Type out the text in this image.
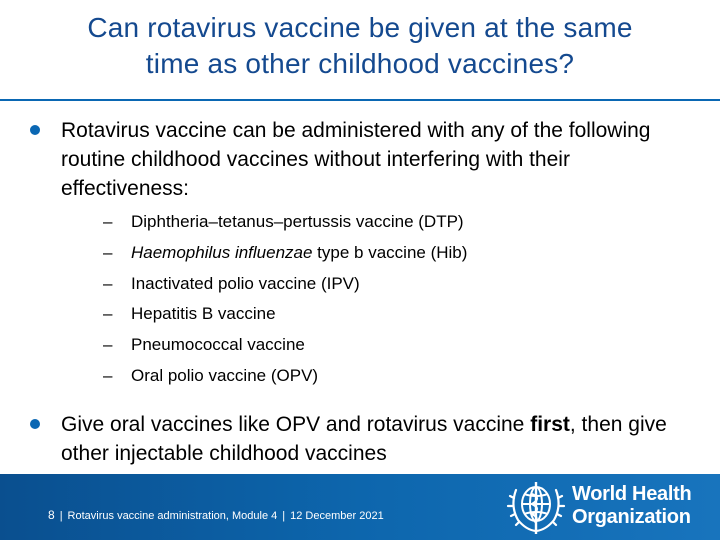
Can rotavirus vaccine be given at the same
time as other childhood vaccines?
Rotavirus vaccine can be administered with any of the following routine childhood vaccines without interfering with their effectiveness:
– Diphtheria–tetanus–pertussis vaccine (DTP)
– Haemophilus influenzae type b vaccine (Hib)
– Inactivated polio vaccine (IPV)
– Hepatitis B vaccine
– Pneumococcal vaccine
– Oral polio vaccine (OPV)
Give oral vaccines like OPV and rotavirus vaccine first, then give other injectable childhood vaccines
8 | Rotavirus vaccine administration, Module 4 | 12 December 2021
World Health
Organization
